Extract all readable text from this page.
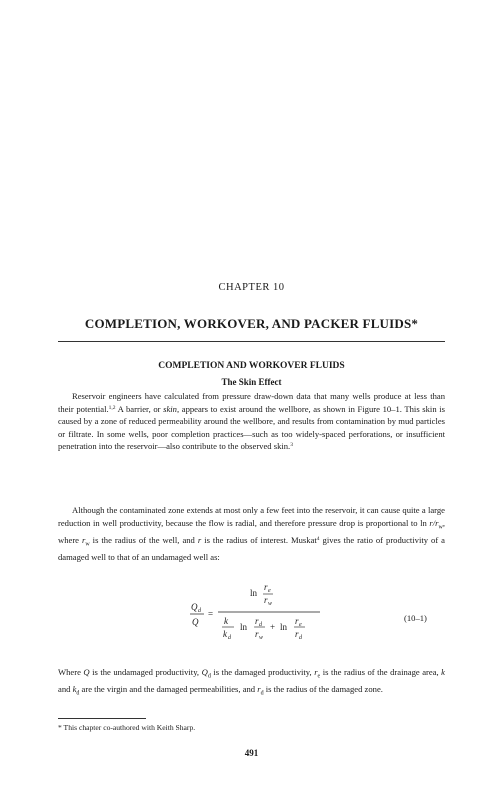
CHAPTER 10
COMPLETION, WORKOVER, AND PACKER FLUIDS*
COMPLETION AND WORKOVER FLUIDS
The Skin Effect

Reservoir engineers have calculated from pressure draw-down data that many wells produce at less than their potential.$^{1,2}$ A barrier, or skin, appears to exist around the wellbore, as shown in Figure 10–1. This skin is caused by a zone of reduced permeability around the wellbore, and results from contamination by mud particles or filtrate. In some wells, poor completion practices—such as too widely-spaced perforations, or insufficient penetration into the reservoir—also contribute to the observed skin.$^3$

Although the contaminated zone extends at most only a few feet into the reservoir, it can cause quite a large reduction in well productivity, because the flow is radial, and therefore pressure drop is proportional to $\ln r/r_w$, where $r_w$ is the radius of the well, and r is the radius of interest. Muskat$^4$ gives the ratio of productivity of a damaged well to that of an undamaged well as:

Q d
Q
=
ln
r e
r w
k
k d
ln
r d
r w
+ ln
r e
r d
(10–1)

Where Q is the undamaged productivity, $Q_d$ is the damaged productivity, $r_e$ is the radius of the drainage area, k and $k_d$ are the virgin and the damaged permeabilities, and $r_d$ is the radius of the damaged zone.

* This chapter co-authored with Keith Sharp.
491
